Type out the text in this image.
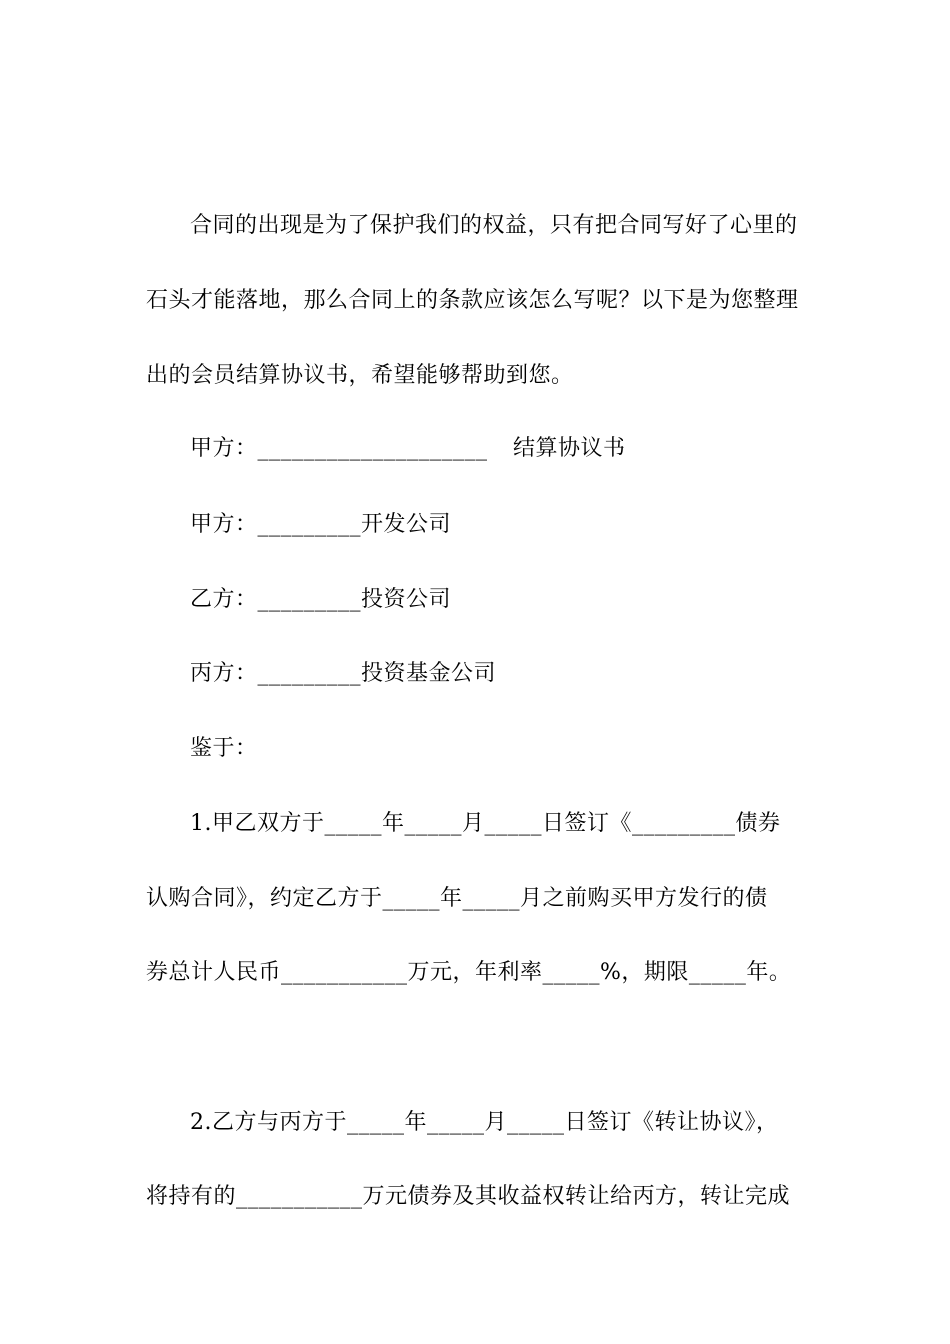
合同的出现是为了保护我们的权益，只有把合同写好了心里的
石头才能落地，那么合同上的条款应该怎么写呢？以下是为您整理
出的会员结算协议书，希望能够帮助到您。
甲方：____________________ 结算协议书
甲方：_________开发公司
乙方：_________投资公司
丙方：_________投资基金公司
鉴于：
1.甲乙双方于_____年_____月_____日签订《_________债券
认购合同》，约定乙方于_____年_____月之前购买甲方发行的债
券总计人民币___________万元，年利率_____%，期限_____年。
2.乙方与丙方于_____年_____月_____日签订《转让协议》，
将持有的___________万元债券及其收益权转让给丙方，转让完成
